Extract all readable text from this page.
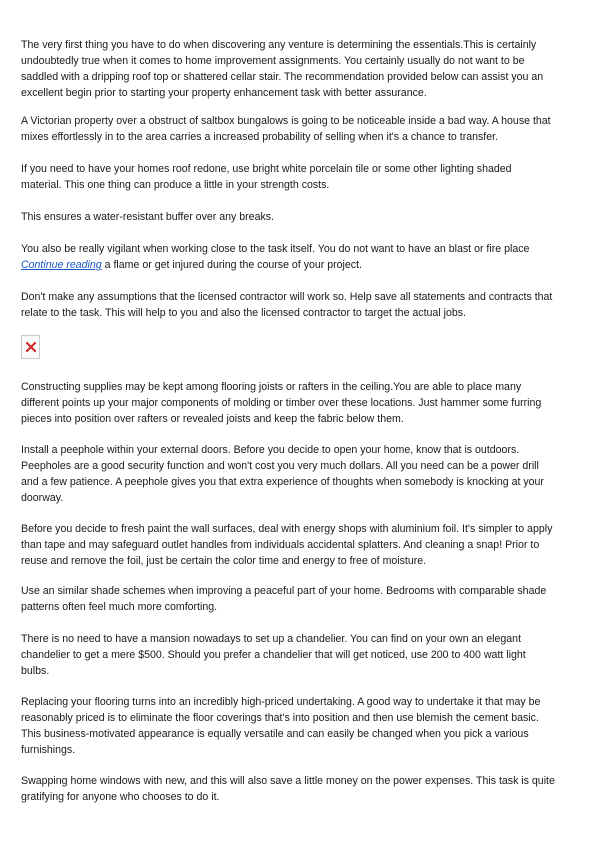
The very first thing you have to do when discovering any venture is determining the essentials.This is certainly
undoubtedly true when it comes to home improvement assignments. You certainly usually do not want to be
saddled with a dripping roof top or shattered cellar stair. The recommendation provided below can assist you an
excellent begin prior to starting your property enhancement task with better assurance.

A Victorian property over a obstruct of saltbox bungalows is going to be noticeable inside a bad way. A house that
mixes effortlessly in to the area carries a increased probability of selling when it's a chance to transfer.

If you need to have your homes roof redone, use bright white porcelain tile or some other lighting shaded
material. This one thing can produce a little in your strength costs.

This ensures a water-resistant buffer over any breaks.

You also be really vigilant when working close to the task itself. You do not want to have an blast or fire place
Continue reading a flame or get injured during the course of your project.

Don't make any assumptions that the licensed contractor will work so. Help save all statements and contracts that
relate to the task. This will help to you and also the licensed contractor to target the actual jobs.

Constructing supplies may be kept among flooring joists or rafters in the ceiling.You are able to place many
different points up your major components of molding or timber over these locations. Just hammer some furring
pieces into position over rafters or revealed joists and keep the fabric below them.

Install a peephole within your external doors. Before you decide to open your home, know that is outdoors.
Peepholes are a good security function and won't cost you very much dollars. All you need can be a power drill
and a few patience. A peephole gives you that extra experience of thoughts when somebody is knocking at your
doorway.

Before you decide to fresh paint the wall surfaces, deal with energy shops with aluminium foil. It's simpler to apply
than tape and may safeguard outlet handles from individuals accidental splatters. And cleaning a snap! Prior to
reuse and remove the foil, just be certain the color time and energy to free of moisture.

Use an similar shade schemes when improving a peaceful part of your home. Bedrooms with comparable shade
patterns often feel much more comforting.

There is no need to have a mansion nowadays to set up a chandelier. You can find on your own an elegant
chandelier to get a mere $500. Should you prefer a chandelier that will get noticed, use 200 to 400 watt light
bulbs.

Replacing your flooring turns into an incredibly high-priced undertaking. A good way to undertake it that may be
reasonably priced is to eliminate the floor coverings that's into position and then use blemish the cement basic.
This business-motivated appearance is equally versatile and can easily be changed when you pick a various
furnishings.

Swapping home windows with new, and this will also save a little money on the power expenses. This task is quite
gratifying for anyone who chooses to do it.
